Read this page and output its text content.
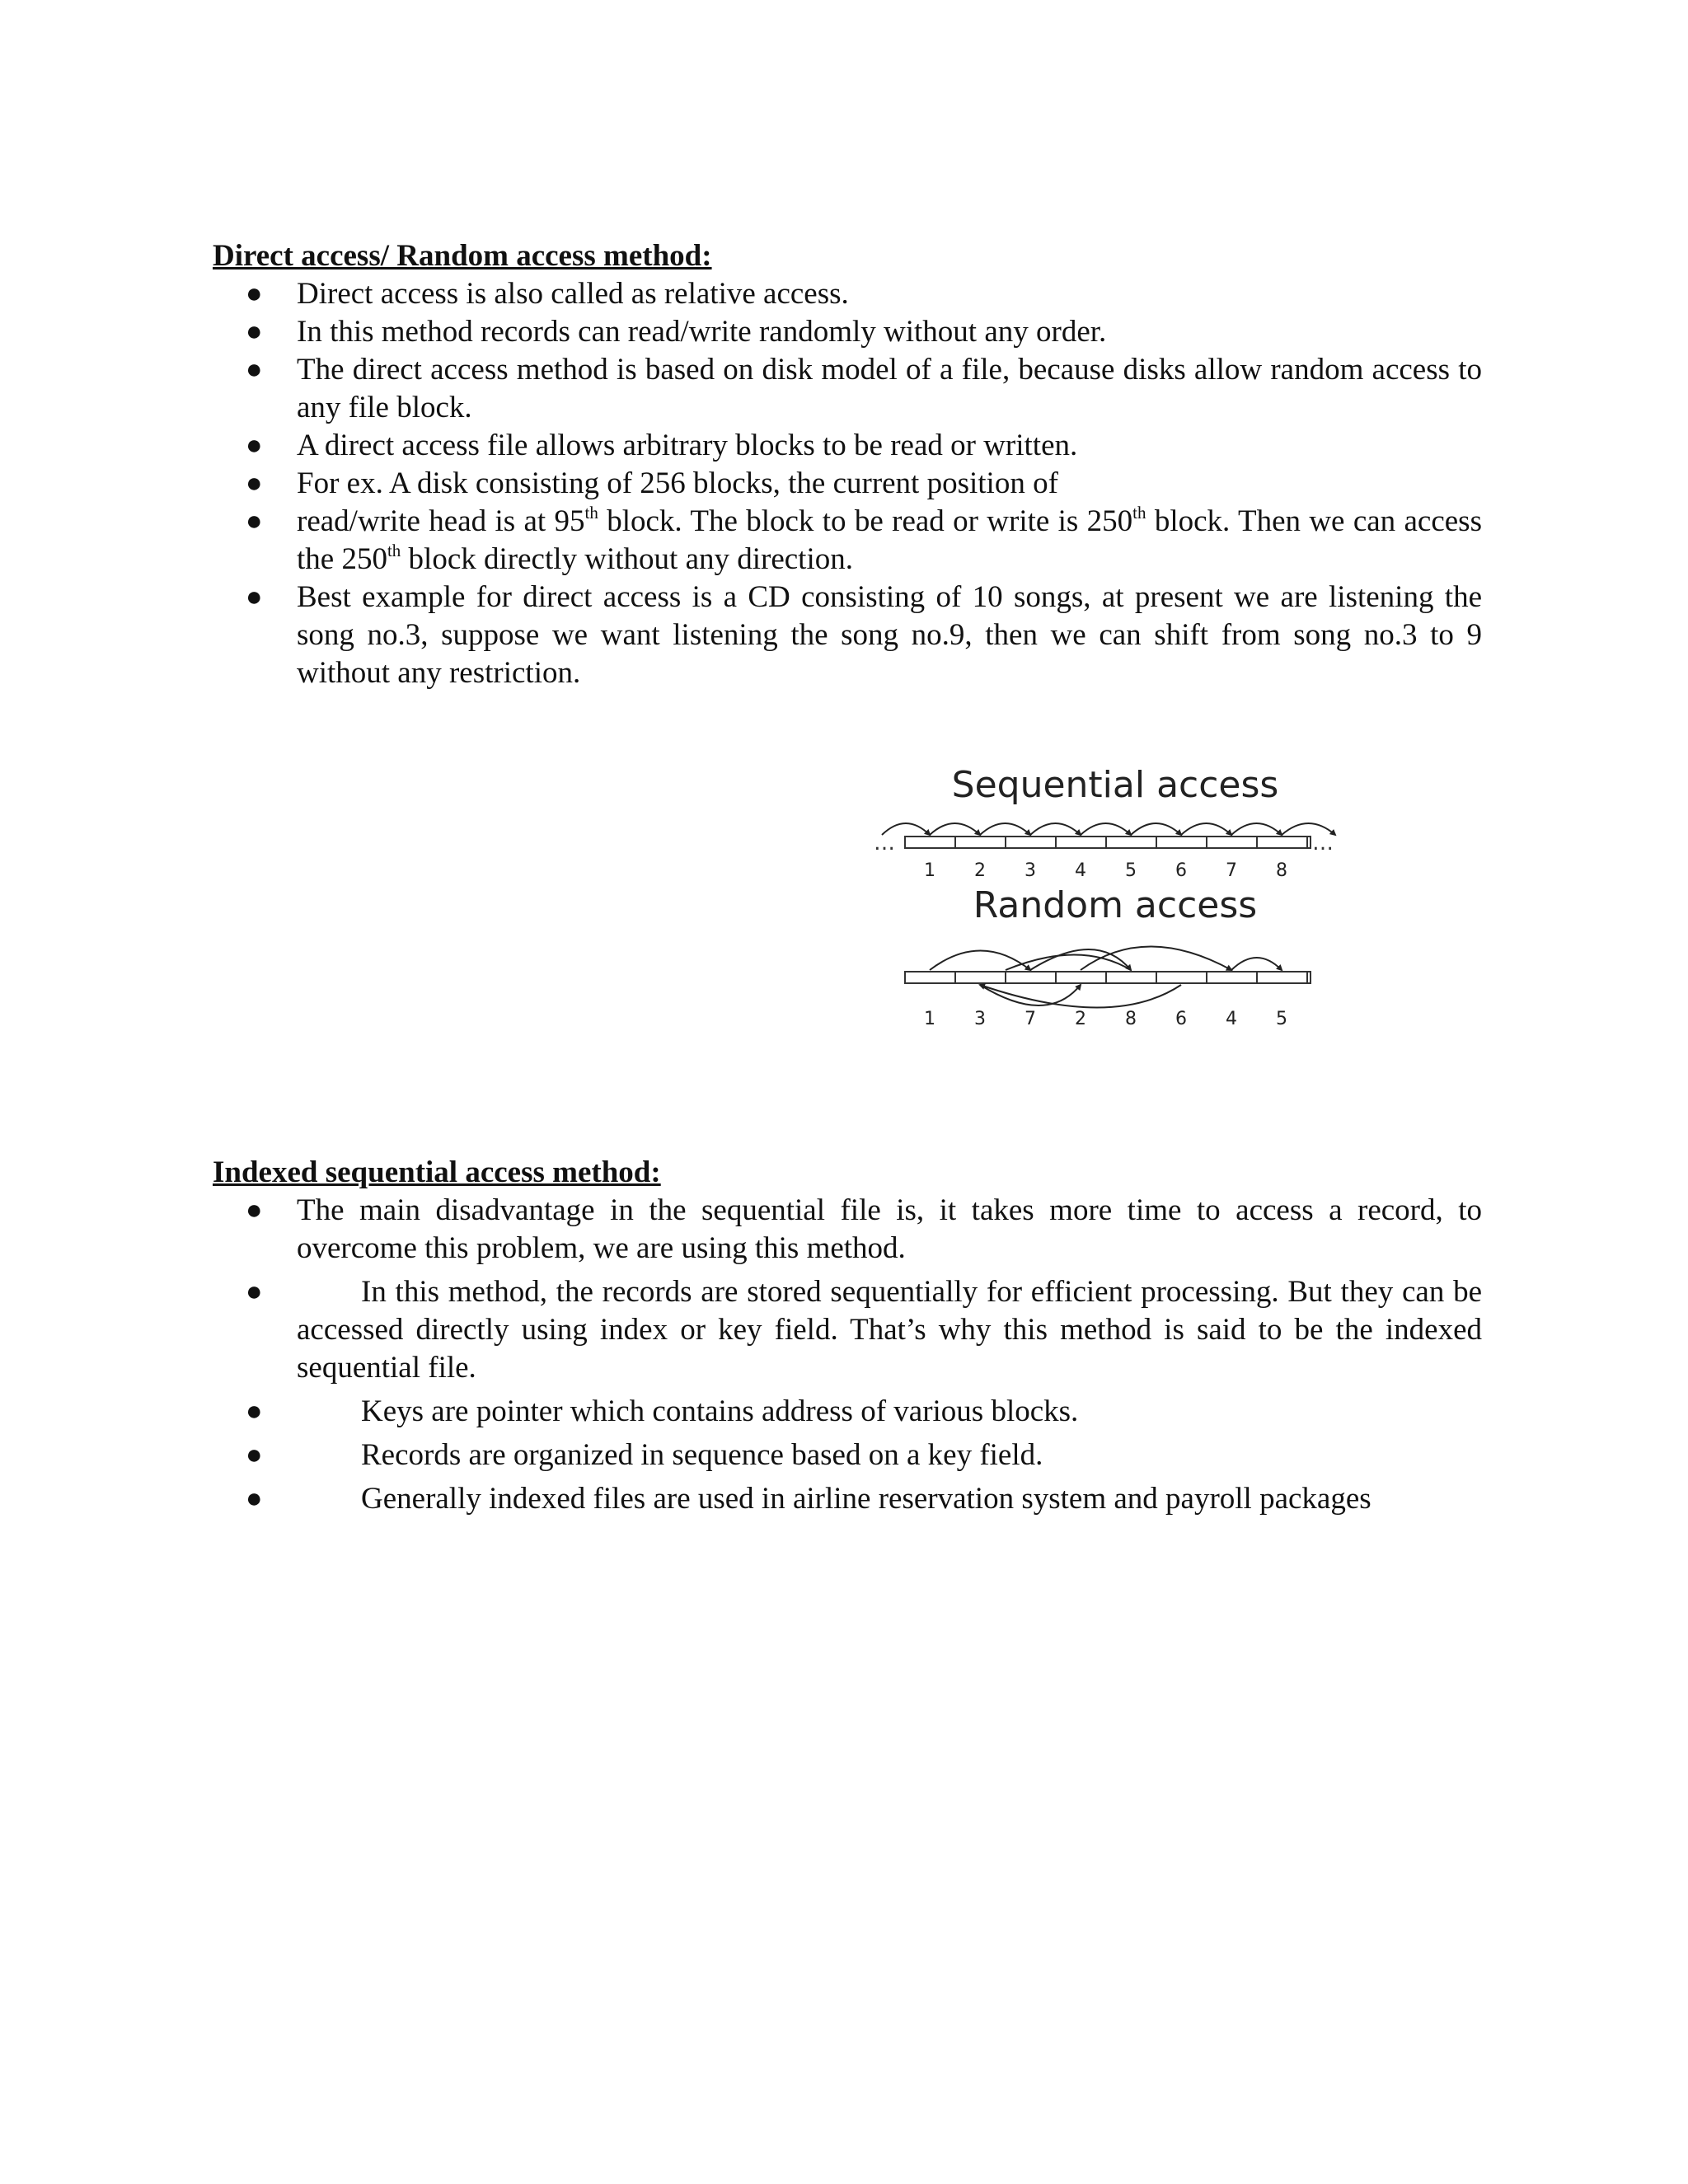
Direct access/ Random access method:
● Direct access is also called as relative access.
● In this method records can read/write randomly without any order.
● The direct access method is based on disk model of a file, because disks allow random access to any file block.
● A direct access file allows arbitrary blocks to be read or written.
● For ex. A disk consisting of 256 blocks, the current position of
● read/write head is at 95th block. The block to be read or write is 250th block. Then we can access the 250th block directly without any direction.
● Best example for direct access is a CD consisting of 10 songs, at present we are listening the song no.3, suppose we want listening the song no.9, then we can shift from song no.3 to 9 without any restriction.
Sequential access
…	…
1 2 3 4 5 6 7 8
Random access
1 3 7 2 8 6 4 5
Indexed sequential access method:
● The main disadvantage in the sequential file is, it takes more time to access a record, to overcome this problem, we are using this method.
●	In this method, the records are stored sequentially for efficient processing. But they can be accessed directly using index or key field. That’s why this method is said to be the indexed sequential file.
●	Keys are pointer which contains address of various blocks.
●	Records are organized in sequence based on a key field.
●	Generally indexed files are used in airline reservation system and payroll packages
